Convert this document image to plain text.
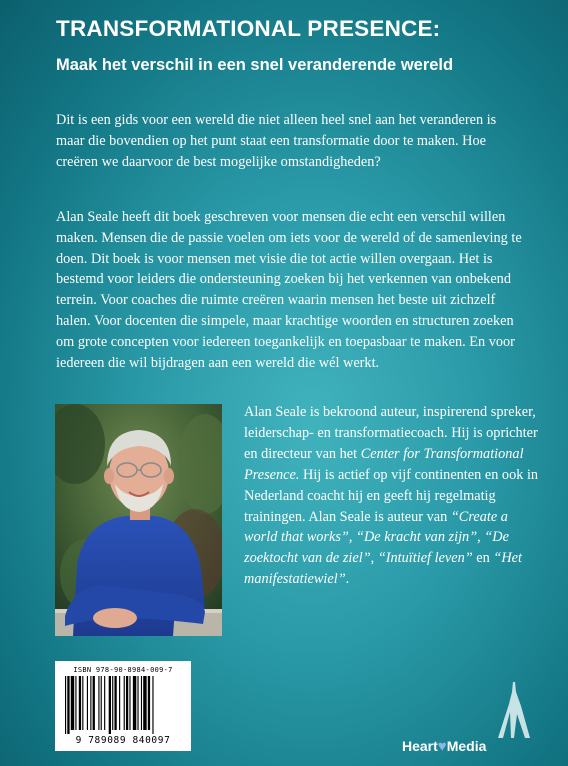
TRANSFORMATIONAL PRESENCE:
Maak het verschil in een snel veranderende wereld

Dit is een gids voor een wereld die niet alleen heel snel aan het veranderen is maar die bovendien op het punt staat een transformatie door te maken. Hoe creëren we daarvoor de best mogelijke omstandigheden?

Alan Seale heeft dit boek geschreven voor mensen die echt een verschil willen maken. Mensen die de passie voelen om iets voor de wereld of de samenleving te doen. Dit boek is voor mensen met visie die tot actie willen overgaan. Het is bestemd voor leiders die ondersteuning zoeken bij het verkennen van onbekend terrein. Voor coaches die ruimte creëren waarin mensen het beste uit zichzelf halen. Voor docenten die simpele, maar krachtige woorden en structuren zoeken om grote concepten voor iedereen toegankelijk en toepasbaar te maken. En voor iedereen die wil bijdragen aan een wereld die wél werkt.

Alan Seale is bekroond auteur, inspirerend spreker, leiderschap- en transformatiecoach. Hij is oprichter en directeur van het Center for Transformational Presence. Hij is actief op vijf continenten en ook in Nederland coacht hij en geeft hij regelmatig trainingen. Alan Seale is auteur van “Create a world that works”, “De kracht van zijn”, “De zoektocht van de ziel”, “Intuïtief leven” en “Het manifestatiewiel”.

ISBN 978-90-8984-009-7
9 789089 840097	Heart♥Media
